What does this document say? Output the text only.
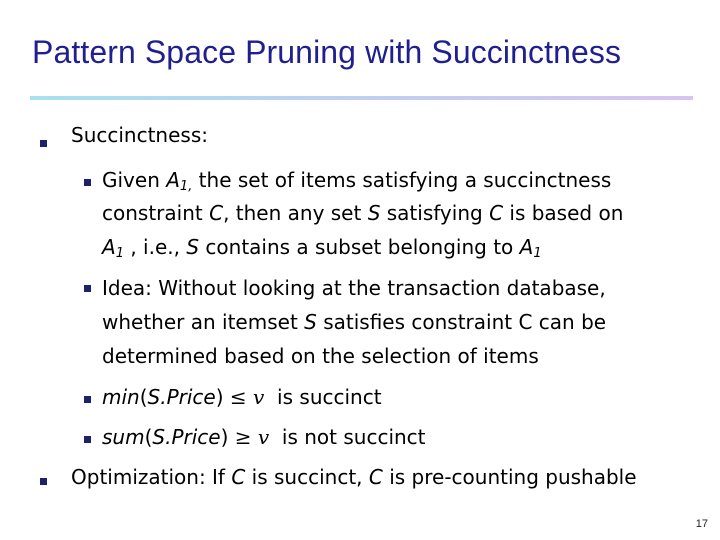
Pattern Space Pruning with Succinctness
Succinctness:
Given $A_{1,}$ the set of items satisfying a succinctness
constraint C, then any set S satisfying C is based on
$A_1$ , i.e., S contains a subset belonging to $A_1$
Idea: Without looking at the transaction database,
whether an itemset S satisfies constraint C can be
determined based on the selection of items
min(S.Price) ≤ v  is succinct
sum(S.Price) ≥ v  is not succinct
Optimization: If C is succinct, C is pre-counting pushable
17
